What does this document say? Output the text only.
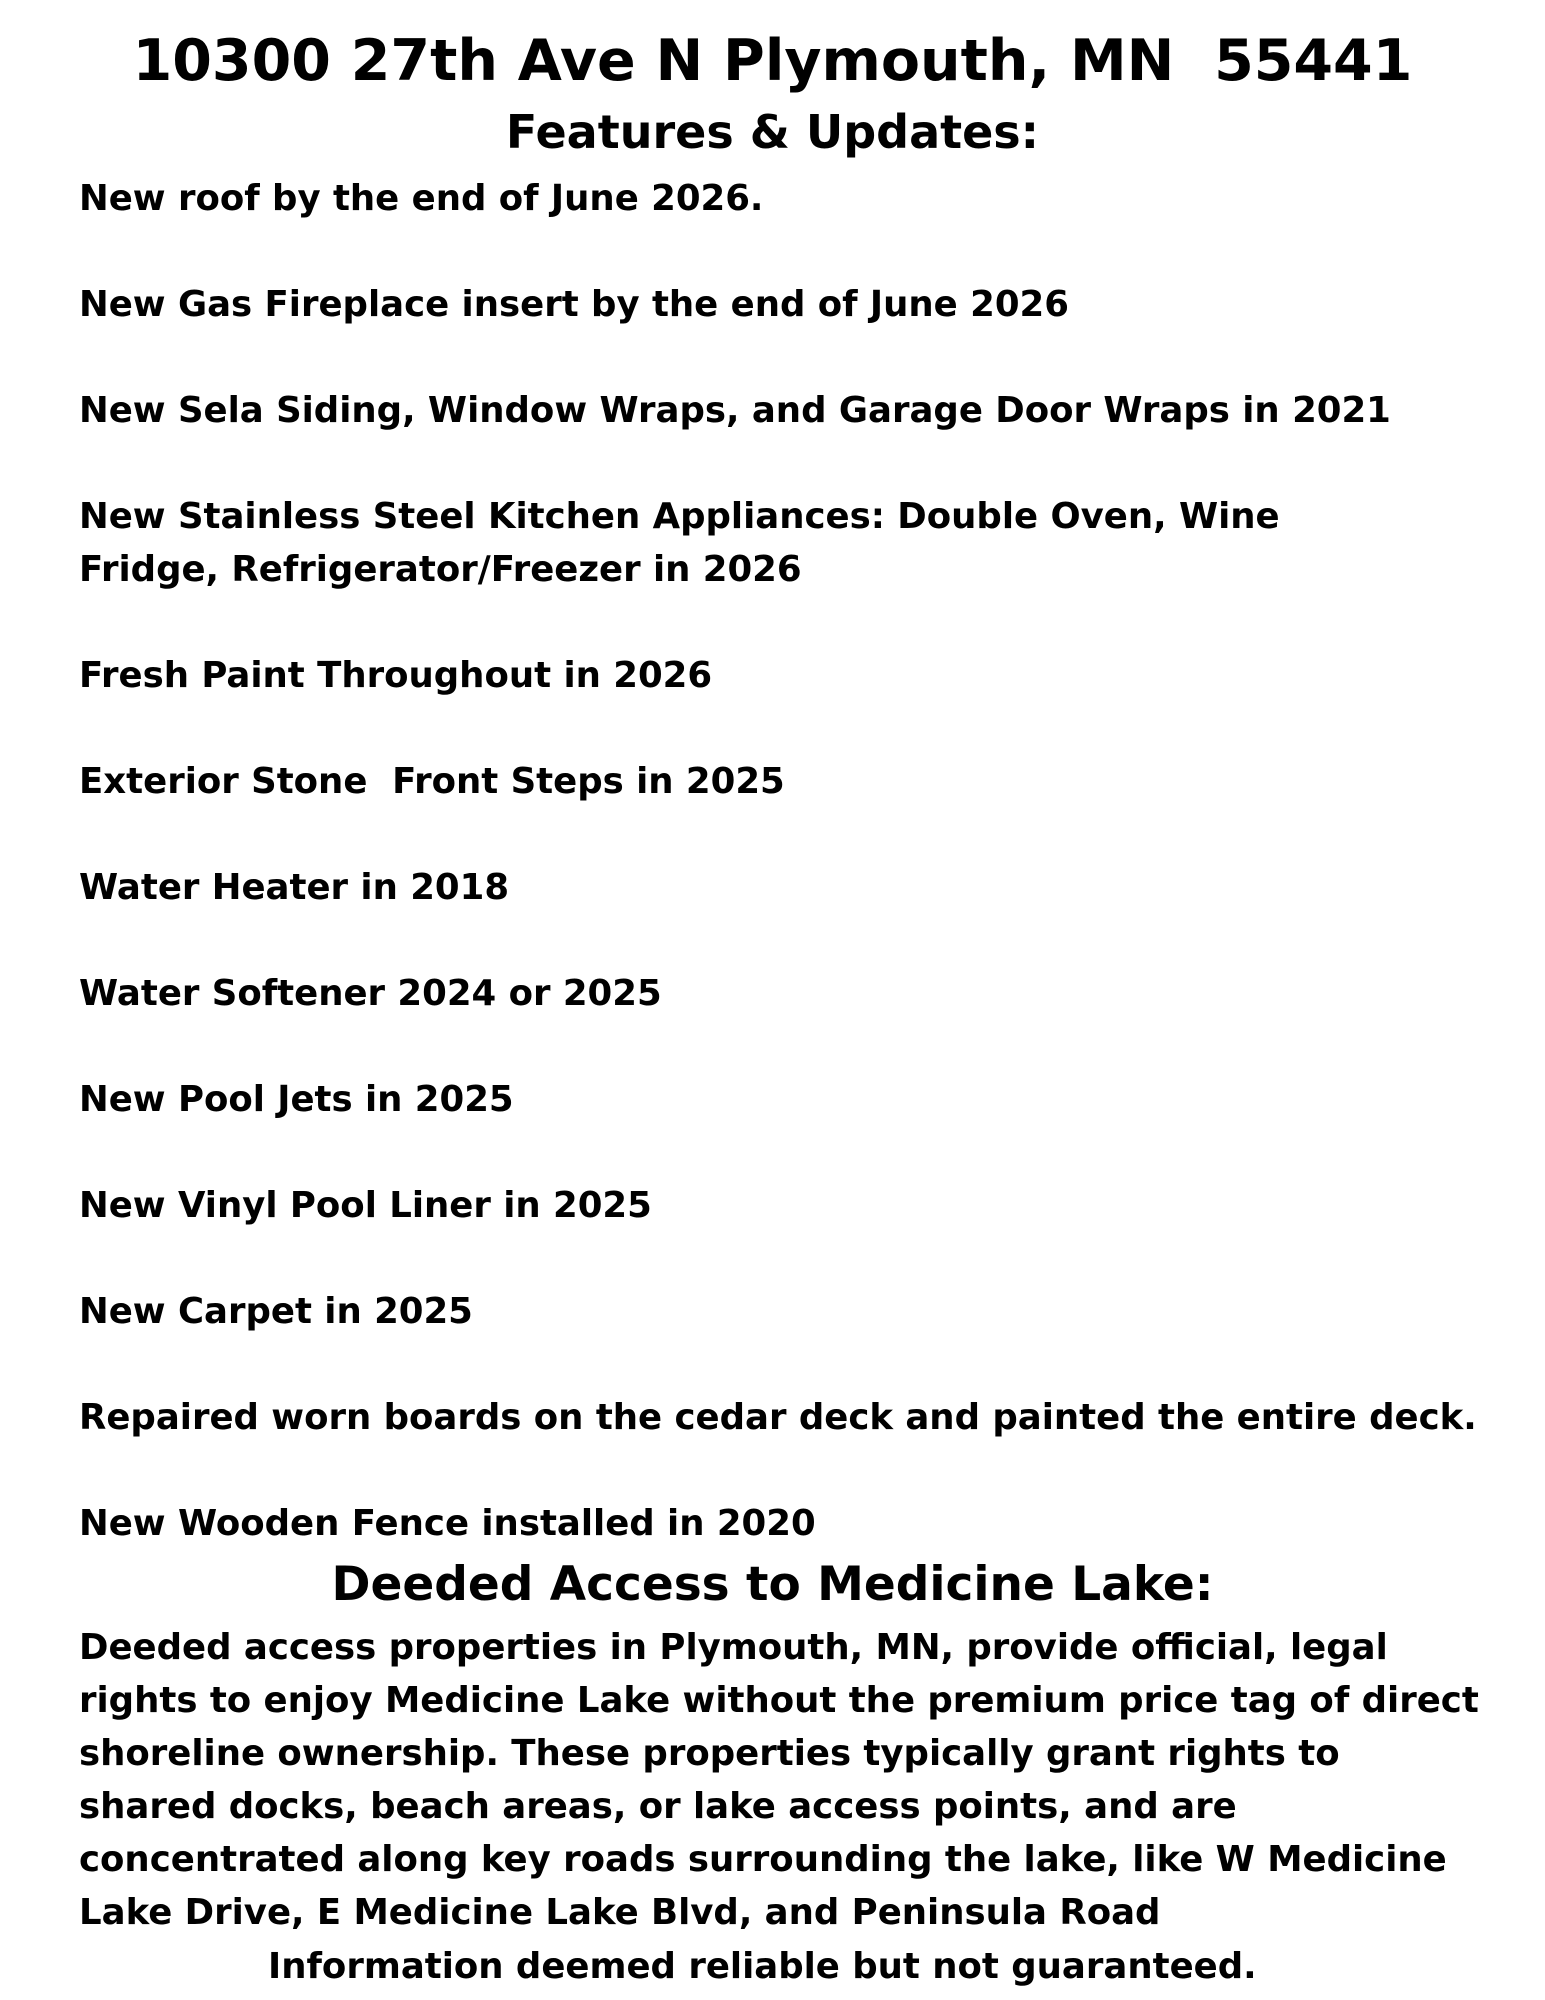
10300 27th Ave N Plymouth, MN  55441
Features & Updates:
New roof by the end of June 2026.
New Gas Fireplace insert by the end of June 2026
New Sela Siding, Window Wraps, and Garage Door Wraps in 2021
New Stainless Steel Kitchen Appliances: Double Oven, Wine Fridge, Refrigerator/Freezer in 2026
Fresh Paint Throughout in 2026
Exterior Stone  Front Steps in 2025
Water Heater in 2018
Water Softener 2024 or 2025
New Pool Jets in 2025
New Vinyl Pool Liner in 2025
New Carpet in 2025
Repaired worn boards on the cedar deck and painted the entire deck.
New Wooden Fence installed in 2020
Deeded Access to Medicine Lake:

Deeded access properties in Plymouth, MN, provide official, legal rights to enjoy Medicine Lake without the premium price tag of direct shoreline ownership. These properties typically grant rights to shared docks, beach areas, or lake access points, and are concentrated along key roads surrounding the lake, like W Medicine Lake Drive, E Medicine Lake Blvd, and Peninsula Road

Information deemed reliable but not guaranteed.
